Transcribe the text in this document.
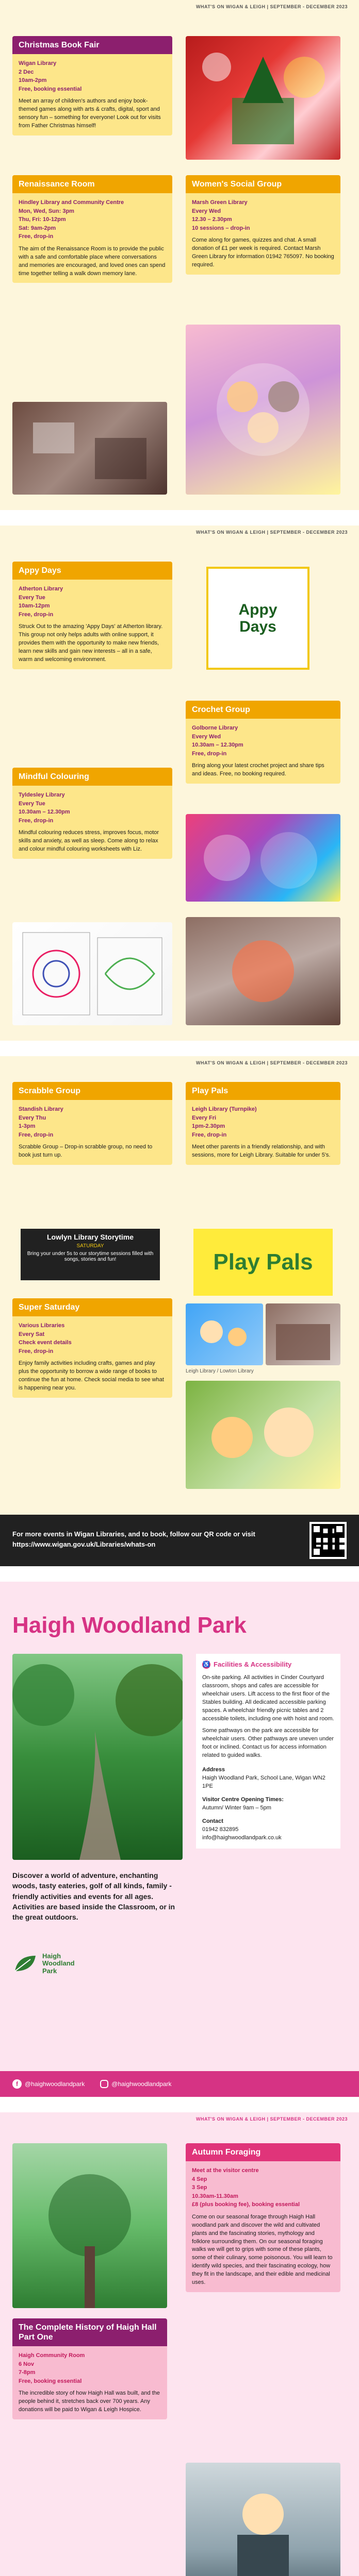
WHAT'S ON WIGAN & LEIGH | SEPTEMBER - DECEMBER 2023
Christmas Book Fair
Wigan Library
2 Dec
10am-2pm
Free, booking essential
Meet an array of children's authors and enjoy book-themed games along with arts & crafts, digital, sport and sensory fun – something for everyone! Look out for visits from Father Christmas himself!
Renaissance Room
Hindley Library and Community Centre
Mon, Wed, Sun: 3pm
Thu, Fri: 10-12pm
Sat: 9am-2pm
Free, drop-in
The aim of the Renaissance Room is to provide the public with a safe and comfortable place where conversations and memories are encouraged, and loved ones can spend time together telling a walk down memory lane.
Women's Social Group
Marsh Green Library
Every Wed
12.30 – 2.30pm
10 sessions – drop-in
Come along for games, quizzes and chat. A small donation of £1 per week is required. Contact Marsh Green Library for information 01942 765097. No booking required.
WHAT'S ON WIGAN & LEIGH | SEPTEMBER - DECEMBER 2023
Appy Days
Atherton Library
Every Tue
10am-12pm
Free, drop-in
Struck Out to the amazing 'Appy Days' at Atherton library. This group not only helps adults with online support, it provides them with the opportunity to make new friends, learn new skills and gain new interests – all in a safe, warm and welcoming environment.
Appy Days
Crochet Group
Golborne Library
Every Wed
10.30am – 12.30pm
Free, drop-in
Bring along your latest crochet project and share tips and ideas. Free, no booking required.
Mindful Colouring
Tyldesley Library
Every Tue
10.30am – 12.30pm
Free, drop-in
Mindful colouring reduces stress, improves focus, motor skills and anxiety, as well as sleep. Come along to relax and colour mindful colouring worksheets with Liz.
WHAT'S ON WIGAN & LEIGH | SEPTEMBER - DECEMBER 2023
Scrabble Group
Standish Library
Every Thu
1-3pm
Free, drop-in
Scrabble Group – Drop-in scrabble group, no need to book just turn up.
Play Pals
Leigh Library (Turnpike)
Every Fri
1pm-2.30pm
Free, drop-in
Meet other parents in a friendly relationship, and with sessions, more for Leigh Library. Suitable for under 5's.
Lowlyn Library Storytime
SATURDAY
Bring your under 5s to our storytime sessions filled with songs, stories and fun!	Play Pals
Super Saturday
Various Libraries
Every Sat
Check event details
Free, drop-in
Enjoy family activities including crafts, games and play plus the opportunity to borrow a wide range of books to continue the fun at home. Check social media to see what is happening near you.
Leigh Library / Lowton Library
For more events in Wigan Libraries, and to book, follow our QR code or visit https://www.wigan.gov.uk/Libraries/whats-on
Haigh Woodland Park
Discover a world of adventure, enchanting woods, tasty eateries, golf of all kinds, family - friendly activities and events for all ages. Activities are based inside the Classroom, or in the great outdoors.
Haigh Woodland Park
♿ Facilities & Accessibility
On-site parking. All activities in Cinder Courtyard classroom, shops and cafes are accessible for wheelchair users. Lift access to the first floor of the Stables building. All dedicated accessible parking spaces. A wheelchair friendly picnic tables and 2 accessible toilets, including one with hoist and room.
Some pathways on the park are accessible for wheelchair users. Other pathways are uneven under foot or inclined. Contact us for access information related to guided walks.
Address
Haigh Woodland Park, School Lane, Wigan WN2 1PE
Visitor Centre Opening Times:
Autumn/ Winter 9am – 5pm
Contact
01942 832895
info@haighwoodlandpark.co.uk
f	@haighwoodlandpark	@haighwoodlandpark
WHAT'S ON WIGAN & LEIGH | SEPTEMBER - DECEMBER 2023
Autumn Foraging
Meet at the visitor centre
4 Sep
3 Sep
10.30am-11.30am
£8 (plus booking fee), booking essential
Come on our seasonal forage through Haigh Hall woodland park and discover the wild and cultivated plants and the fascinating stories, mythology and folklore surrounding them. On our seasonal foraging walks we will get to grips with some of these plants, some of their culinary, some poisonous. You will learn to identify wild species, and their fascinating ecology, how they fit in the landscape, and their edible and medicinal uses.
The Complete History of Haigh Hall Part One
Haigh Community Room
6 Nov
7-8pm
Free, booking essential
The incredible story of how Haigh Hall was built, and the people behind it, stretches back over 700 years. Any donations will be paid to Wigan & Leigh Hospice.
